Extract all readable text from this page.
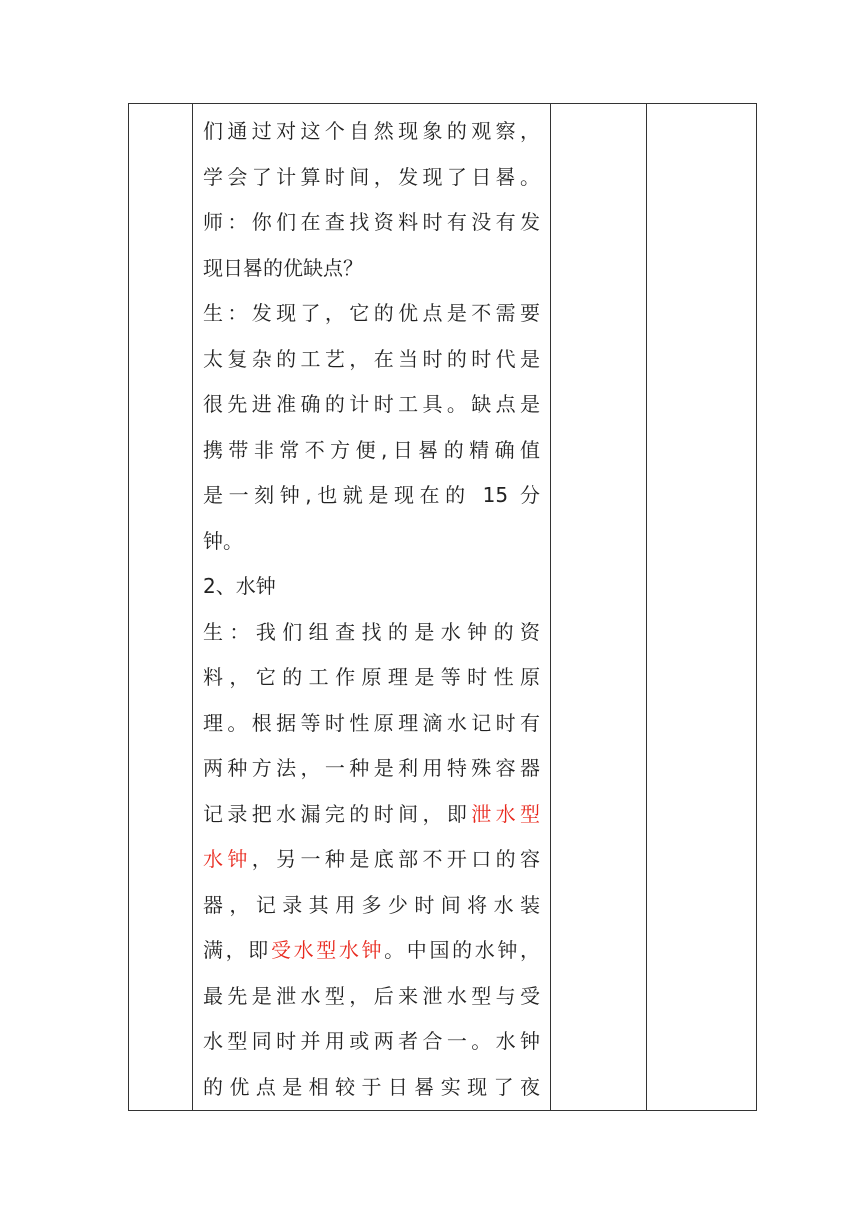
们通过对这个自然现象的观察，
学会了计算时间，发现了日晷。
师：你们在查找资料时有没有发
现日晷的优缺点？
生：发现了，它的优点是不需要
太复杂的工艺，在当时的时代是
很先进准确的计时工具。缺点是
携带非常不方便,日晷的精确值
是一刻钟,也就是现在的 15 分
钟。
2、水钟
生：我们组查找的是水钟的资
料，它的工作原理是等时性原
理。根据等时性原理滴水记时有
两种方法，一种是利用特殊容器
记录把水漏完的时间，即泄水型
水钟，另一种是底部不开口的容
器，记录其用多少时间将水装
满，即受水型水钟。中国的水钟，
最先是泄水型，后来泄水型与受
水型同时并用或两者合一。水钟
的优点是相较于日晷实现了夜
